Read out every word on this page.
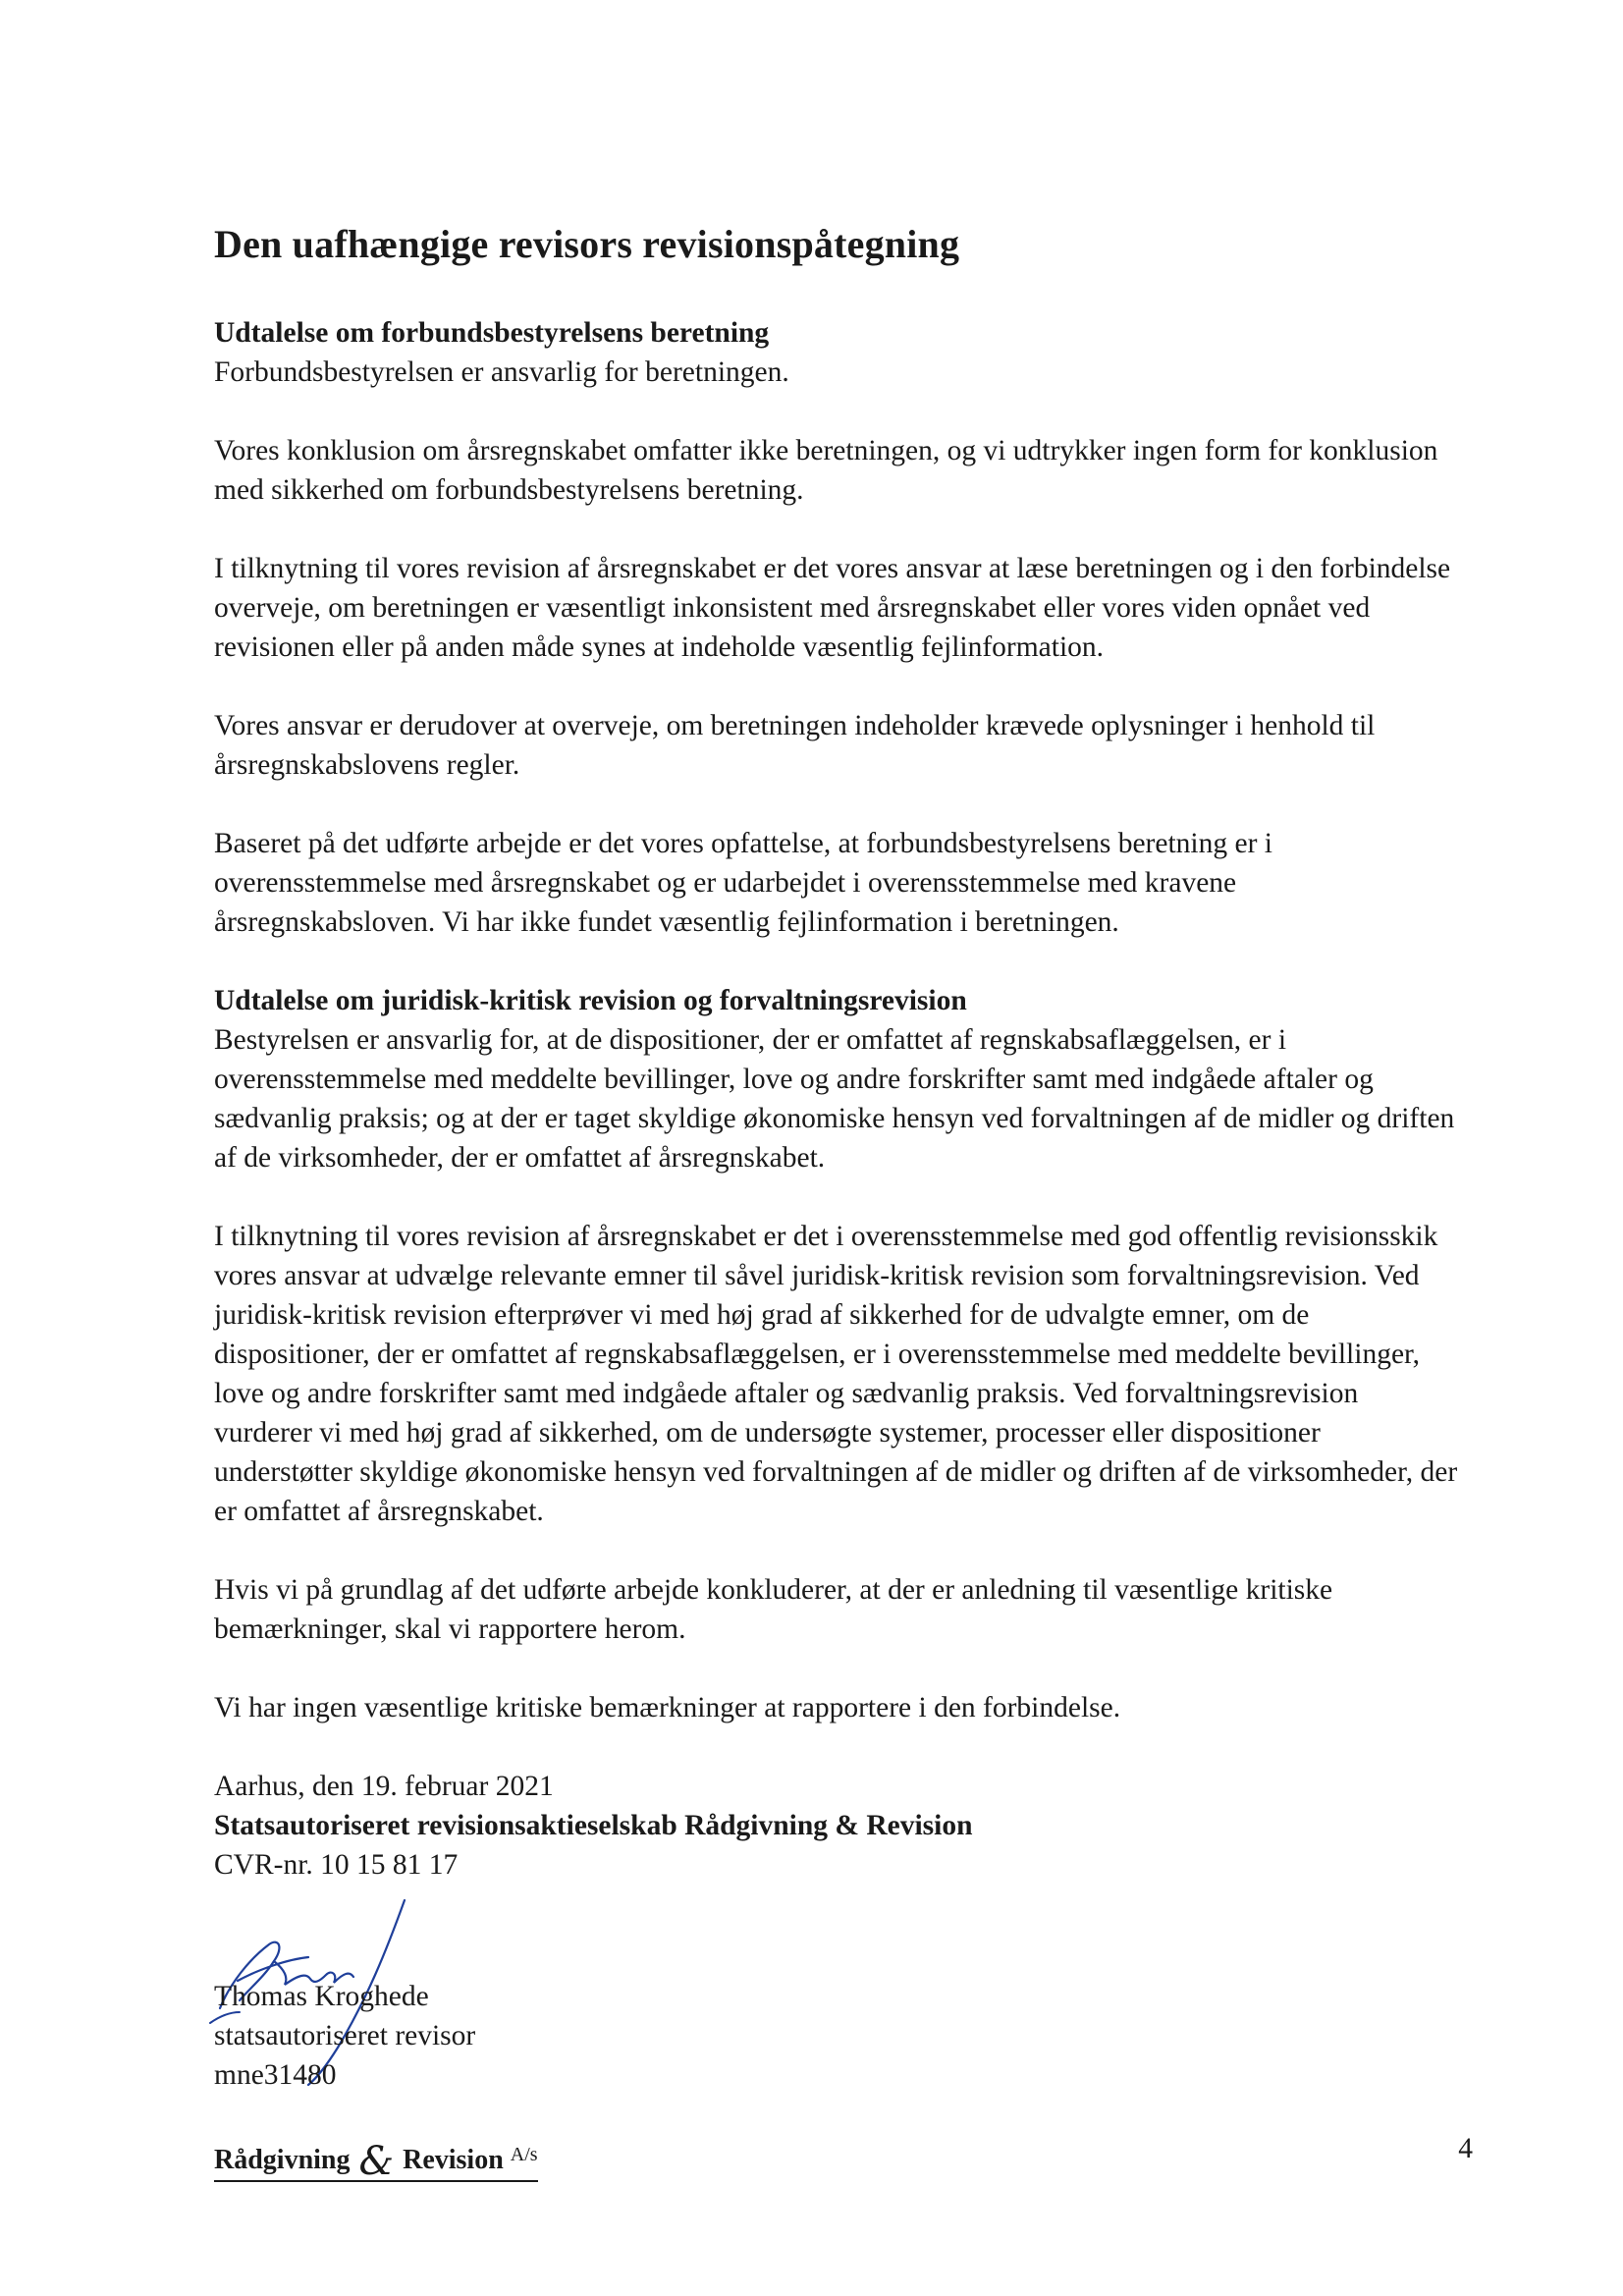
Den uafhængige revisors revisionspåtegning
Udtalelse om forbundsbestyrelsens beretning

Forbundsbestyrelsen er ansvarlig for beretningen.

Vores konklusion om årsregnskabet omfatter ikke beretningen, og vi udtrykker ingen form for konklusion med sikkerhed om forbundsbestyrelsens beretning.

I tilknytning til vores revision af årsregnskabet er det vores ansvar at læse beretningen og i den forbindelse overveje, om beretningen er væsentligt inkonsistent med årsregnskabet eller vores viden opnået ved revisionen eller på anden måde synes at indeholde væsentlig fejlinformation.

Vores ansvar er derudover at overveje, om beretningen indeholder krævede oplysninger i henhold til årsregnskabslovens regler.

Baseret på det udførte arbejde er det vores opfattelse, at forbundsbestyrelsens beretning er i overensstemmelse med årsregnskabet og er udarbejdet i overensstemmelse med kravene årsregnskabsloven. Vi har ikke fundet væsentlig fejlinformation i beretningen.

Udtalelse om juridisk-kritisk revision og forvaltningsrevision

Bestyrelsen er ansvarlig for, at de dispositioner, der er omfattet af regnskabsaflæggelsen, er i overensstemmelse med meddelte bevillinger, love og andre forskrifter samt med indgåede aftaler og sædvanlig praksis; og at der er taget skyldige økonomiske hensyn ved forvaltningen af de midler og driften af de virksomheder, der er omfattet af årsregnskabet.

I tilknytning til vores revision af årsregnskabet er det i overensstemmelse med god offentlig revisionsskik vores ansvar at udvælge relevante emner til såvel juridisk-kritisk revision som forvaltningsrevision. Ved juridisk-kritisk revision efterprøver vi med høj grad af sikkerhed for de udvalgte emner, om de dispositioner, der er omfattet af regnskabsaflæggelsen, er i overensstemmelse med meddelte bevillinger, love og andre forskrifter samt med indgåede aftaler og sædvanlig praksis. Ved forvaltningsrevision vurderer vi med høj grad af sikkerhed, om de undersøgte systemer, processer eller dispositioner understøtter skyldige økonomiske hensyn ved forvaltningen af de midler og driften af de virksomheder, der er omfattet af årsregnskabet.

Hvis vi på grundlag af det udførte arbejde konkluderer, at der er anledning til væsentlige kritiske bemærkninger, skal vi rapportere herom.

Vi har ingen væsentlige kritiske bemærkninger at rapportere i den forbindelse.

Aarhus, den 19. februar 2021
Statsautoriseret revisionsaktieselskab Rådgivning & Revision
CVR-nr. 10 15 81 17
Thomas Kroghede
statsautoriseret revisor
mne31480
Rådgivning & Revision $^{A/s}$	4
